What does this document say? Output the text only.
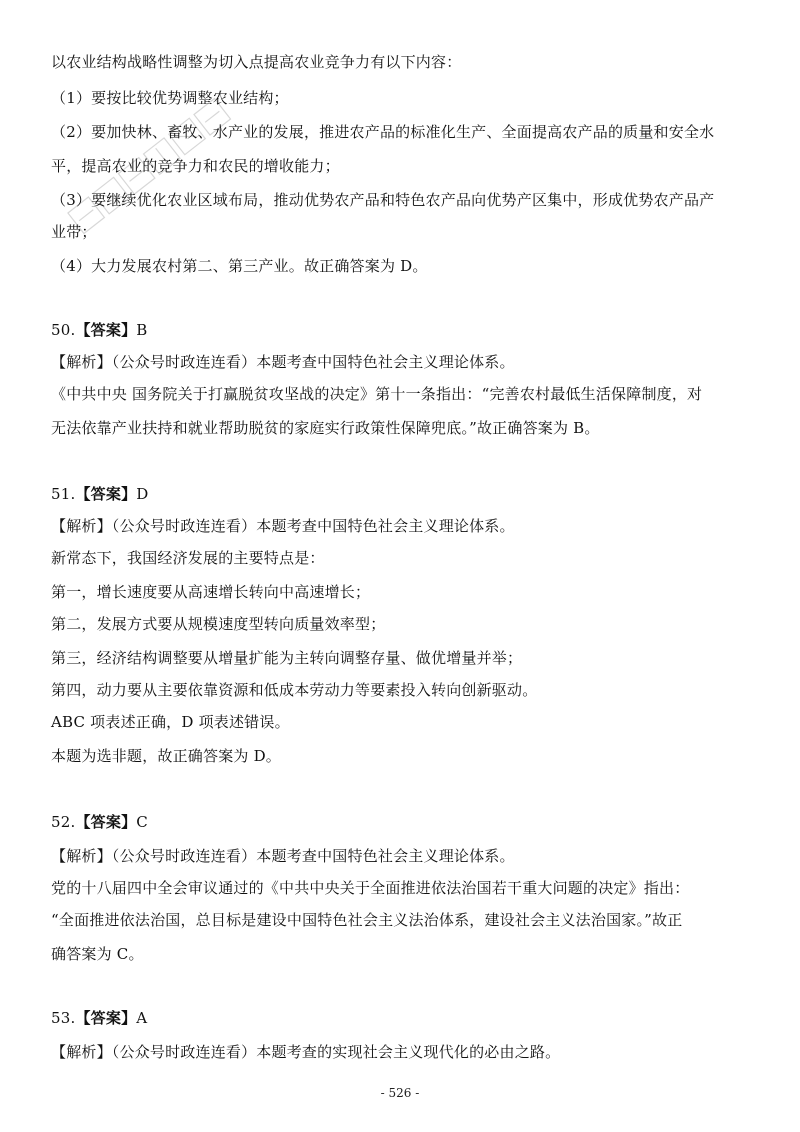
以农业结构战略性调整为切入点提高农业竞争力有以下内容：
（1）要按比较优势调整农业结构；
（2）要加快林、畜牧、水产业的发展，推进农产品的标准化生产、全面提高农产品的质量和安全水
平，提高农业的竞争力和农民的增收能力；
（3）要继续优化农业区域布局，推动优势农产品和特色农产品向优势产区集中，形成优势农产品产
业带；
（4）大力发展农村第二、第三产业。故正确答案为 D。
50.【答案】B
【解析】（公众号时政连连看）本题考查中国特色社会主义理论体系。
《中共中央 国务院关于打赢脱贫攻坚战的决定》第十一条指出：“完善农村最低生活保障制度，对
无法依靠产业扶持和就业帮助脱贫的家庭实行政策性保障兜底。”故正确答案为 B。
51.【答案】D
【解析】（公众号时政连连看）本题考查中国特色社会主义理论体系。
新常态下，我国经济发展的主要特点是：
第一，增长速度要从高速增长转向中高速增长；
第二，发展方式要从规模速度型转向质量效率型；
第三，经济结构调整要从增量扩能为主转向调整存量、做优增量并举；
第四，动力要从主要依靠资源和低成本劳动力等要素投入转向创新驱动。
ABC 项表述正确，D 项表述错误。
本题为选非题，故正确答案为 D。
52.【答案】C
【解析】（公众号时政连连看）本题考查中国特色社会主义理论体系。
党的十八届四中全会审议通过的《中共中央关于全面推进依法治国若干重大问题的决定》指出：
“全面推进依法治国，总目标是建设中国特色社会主义法治体系，建设社会主义法治国家。”故正
确答案为 C。
53.【答案】A
【解析】（公众号时政连连看）本题考查的实现社会主义现代化的必由之路。
- 526 -
